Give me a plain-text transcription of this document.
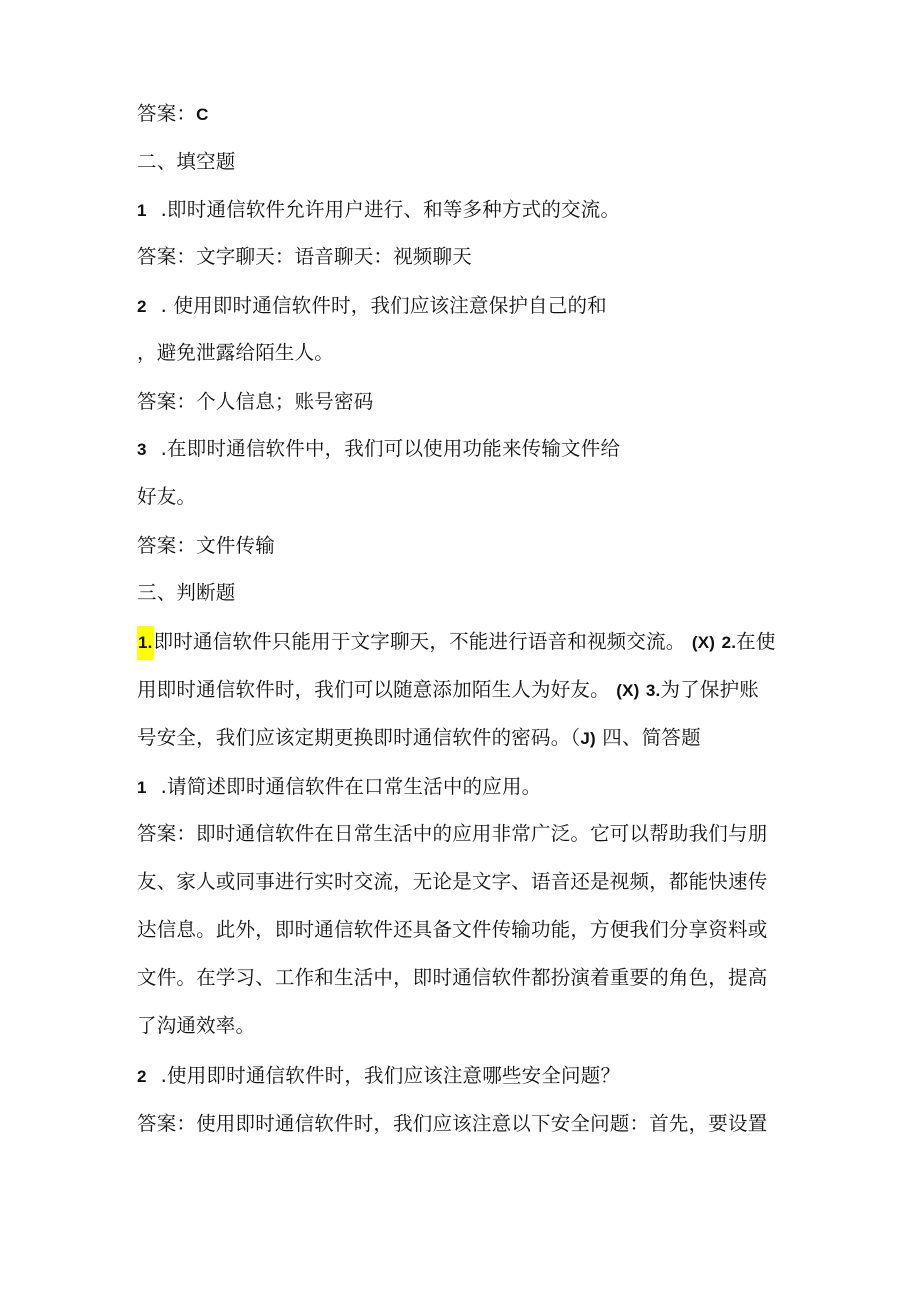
答案：C
二、填空题
1 .即时通信软件允许用户进行、和等多种方式的交流。
答案：文字聊天：语音聊天：视频聊天
2 . 使用即时通信软件时，我们应该注意保护自己的和
，避免泄露给陌生人。
答案：个人信息；账号密码
3 .在即时通信软件中，我们可以使用功能来传输文件给
好友。
答案：文件传输
三、判断题
1.即时通信软件只能用于文字聊天，不能进行语音和视频交流。 (X) 2.在使
用即时通信软件时，我们可以随意添加陌生人为好友。 (X) 3.为了保护账
号安全，我们应该定期更换即时通信软件的密码。（J) 四、简答题
1 .请简述即时通信软件在口常生活中的应用。
答案：即时通信软件在日常生活中的应用非常广泛。它可以帮助我们与朋
友、家人或同事进行实时交流，无论是文字、语音还是视频，都能快速传
达信息。此外，即时通信软件还具备文件传输功能，方便我们分享资料或
文件。在学习、工作和生活中，即时通信软件都扮演着重要的角色，提高
了沟通效率。
2 .使用即时通信软件时，我们应该注意哪些安全问题？
答案：使用即时通信软件时，我们应该注意以下安全问题：首先，要设置
